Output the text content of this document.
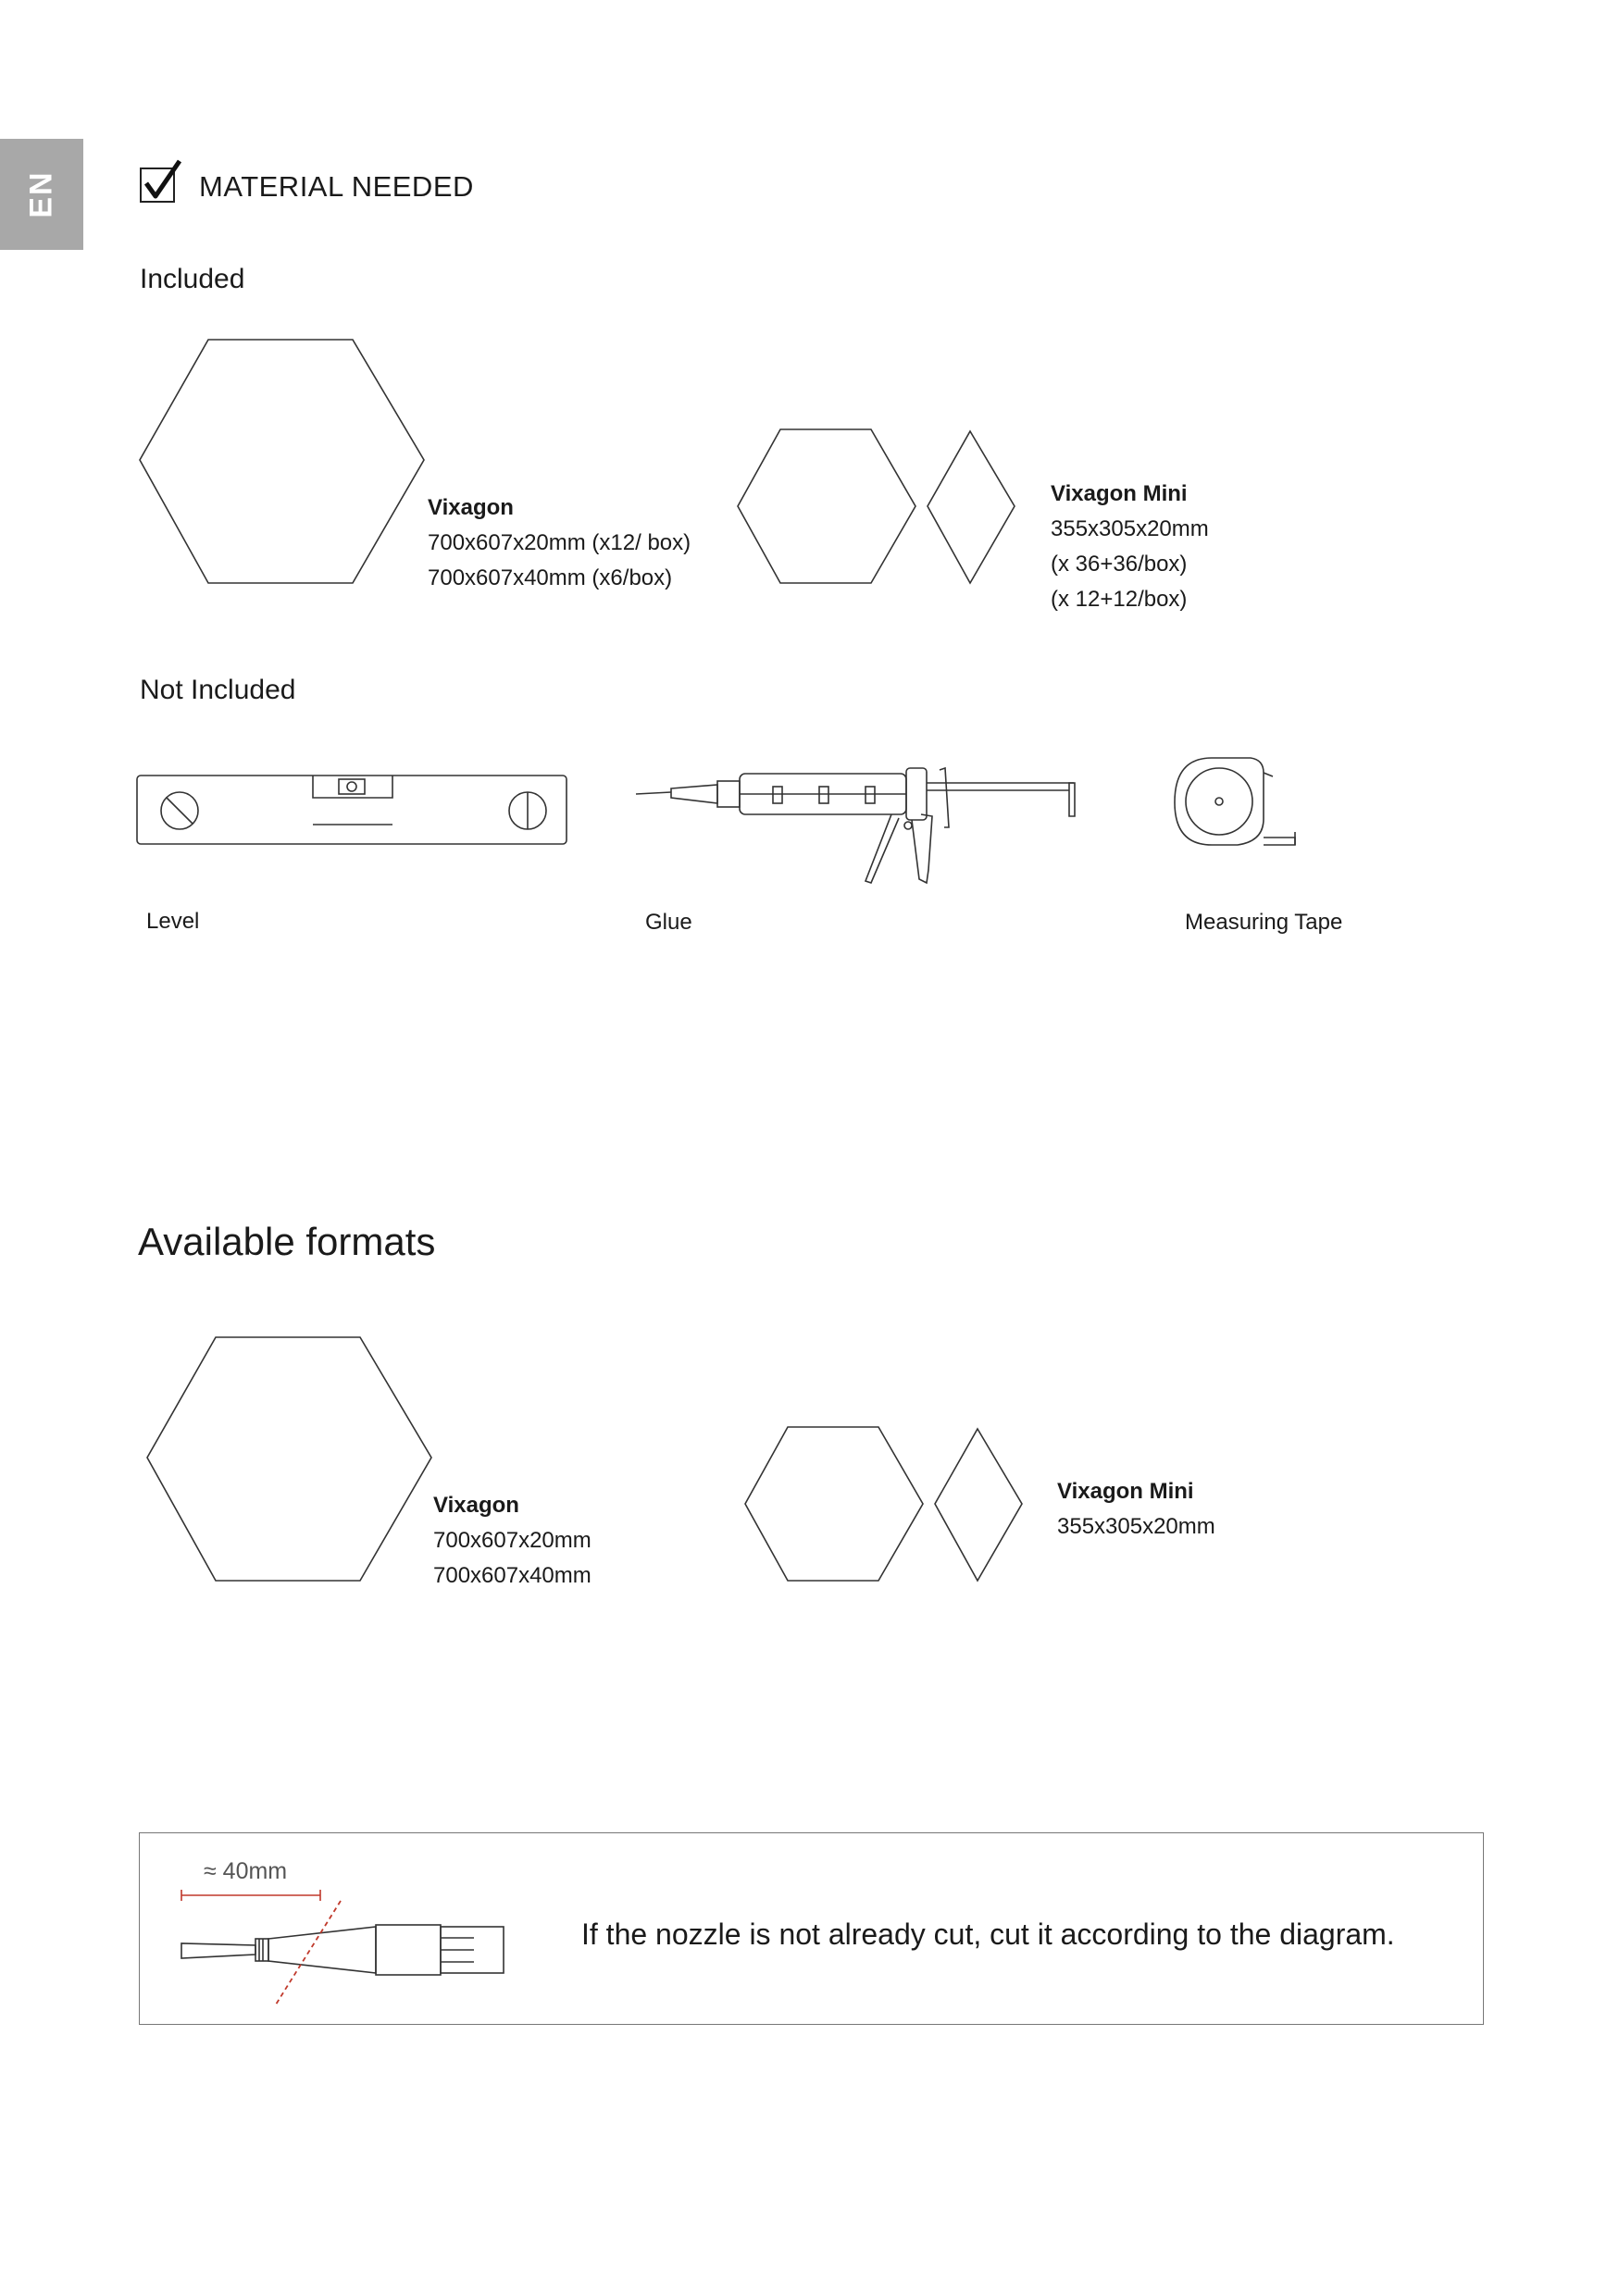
EN	MATERIAL NEEDED
Included
Vixagon
700x607x20mm (x12/ box)
700x607x40mm (x6/box)
Vixagon Mini
355x305x20mm
(x 36+36/box)
(x 12+12/box)
Not Included
Level	Glue	Measuring Tape
Available formats
Vixagon
700x607x20mm
700x607x40mm
Vixagon Mini
355x305x20mm
≈ 40mm
If the nozzle is not already cut, cut it according to the diagram.
